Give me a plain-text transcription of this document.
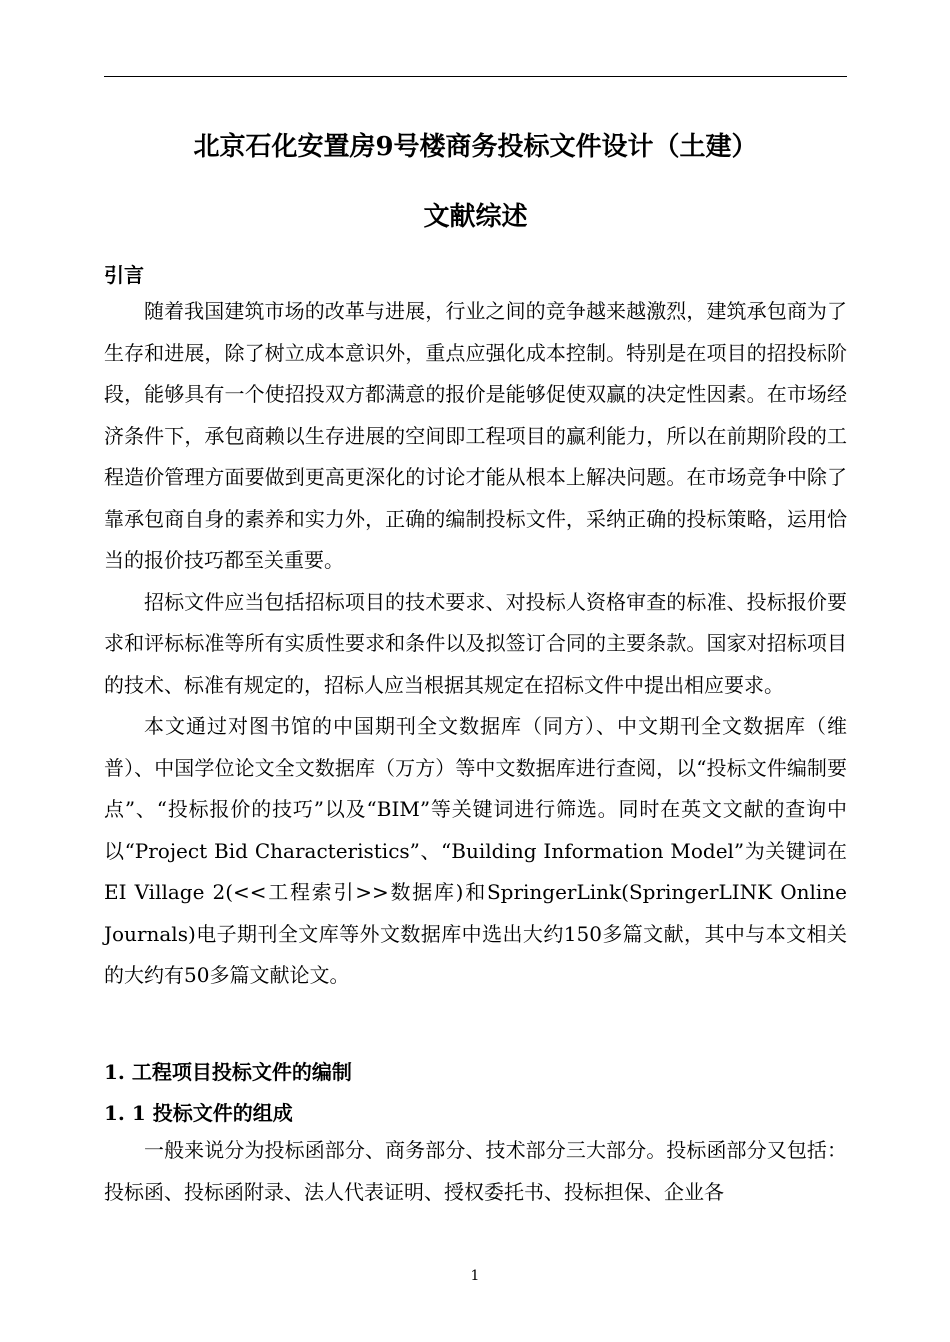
北京石化安置房9号楼商务投标文件设计（土建）
文献综述
引言

随着我国建筑市场的改革与进展，行业之间的竞争越来越激烈，建筑承包商为了生存和进展，除了树立成本意识外，重点应强化成本控制。特别是在项目的招投标阶段，能够具有一个使招投双方都满意的报价是能够促使双赢的决定性因素。在市场经济条件下，承包商赖以生存进展的空间即工程项目的赢利能力，所以在前期阶段的工程造价管理方面要做到更高更深化的讨论才能从根本上解决问题。在市场竞争中除了靠承包商自身的素养和实力外，正确的编制投标文件，采纳正确的投标策略，运用恰当的报价技巧都至关重要。

招标文件应当包括招标项目的技术要求、对投标人资格审查的标准、投标报价要求和评标标准等所有实质性要求和条件以及拟签订合同的主要条款。国家对招标项目的技术、标准有规定的，招标人应当根据其规定在招标文件中提出相应要求。

本文通过对图书馆的中国期刊全文数据库（同方）、中文期刊全文数据库（维普）、中国学位论文全文数据库（万方）等中文数据库进行查阅，以“投标文件编制要点”、“投标报价的技巧”以及“BIM”等关键词进行筛选。同时在英文文献的查询中以“Project Bid Characteristics”、“Building Information Model”为关键词在EI Village 2(<<工程索引>>数据库)和SpringerLink(SpringerLINK Online Journals)电子期刊全文库等外文数据库中选出大约150多篇文献，其中与本文相关的大约有50多篇文献论文。

1. 工程项目投标文件的编制
1. 1 投标文件的组成

一般来说分为投标函部分、商务部分、技术部分三大部分。投标函部分又包括：投标函、投标函附录、法人代表证明、授权委托书、投标担保、企业各

1
